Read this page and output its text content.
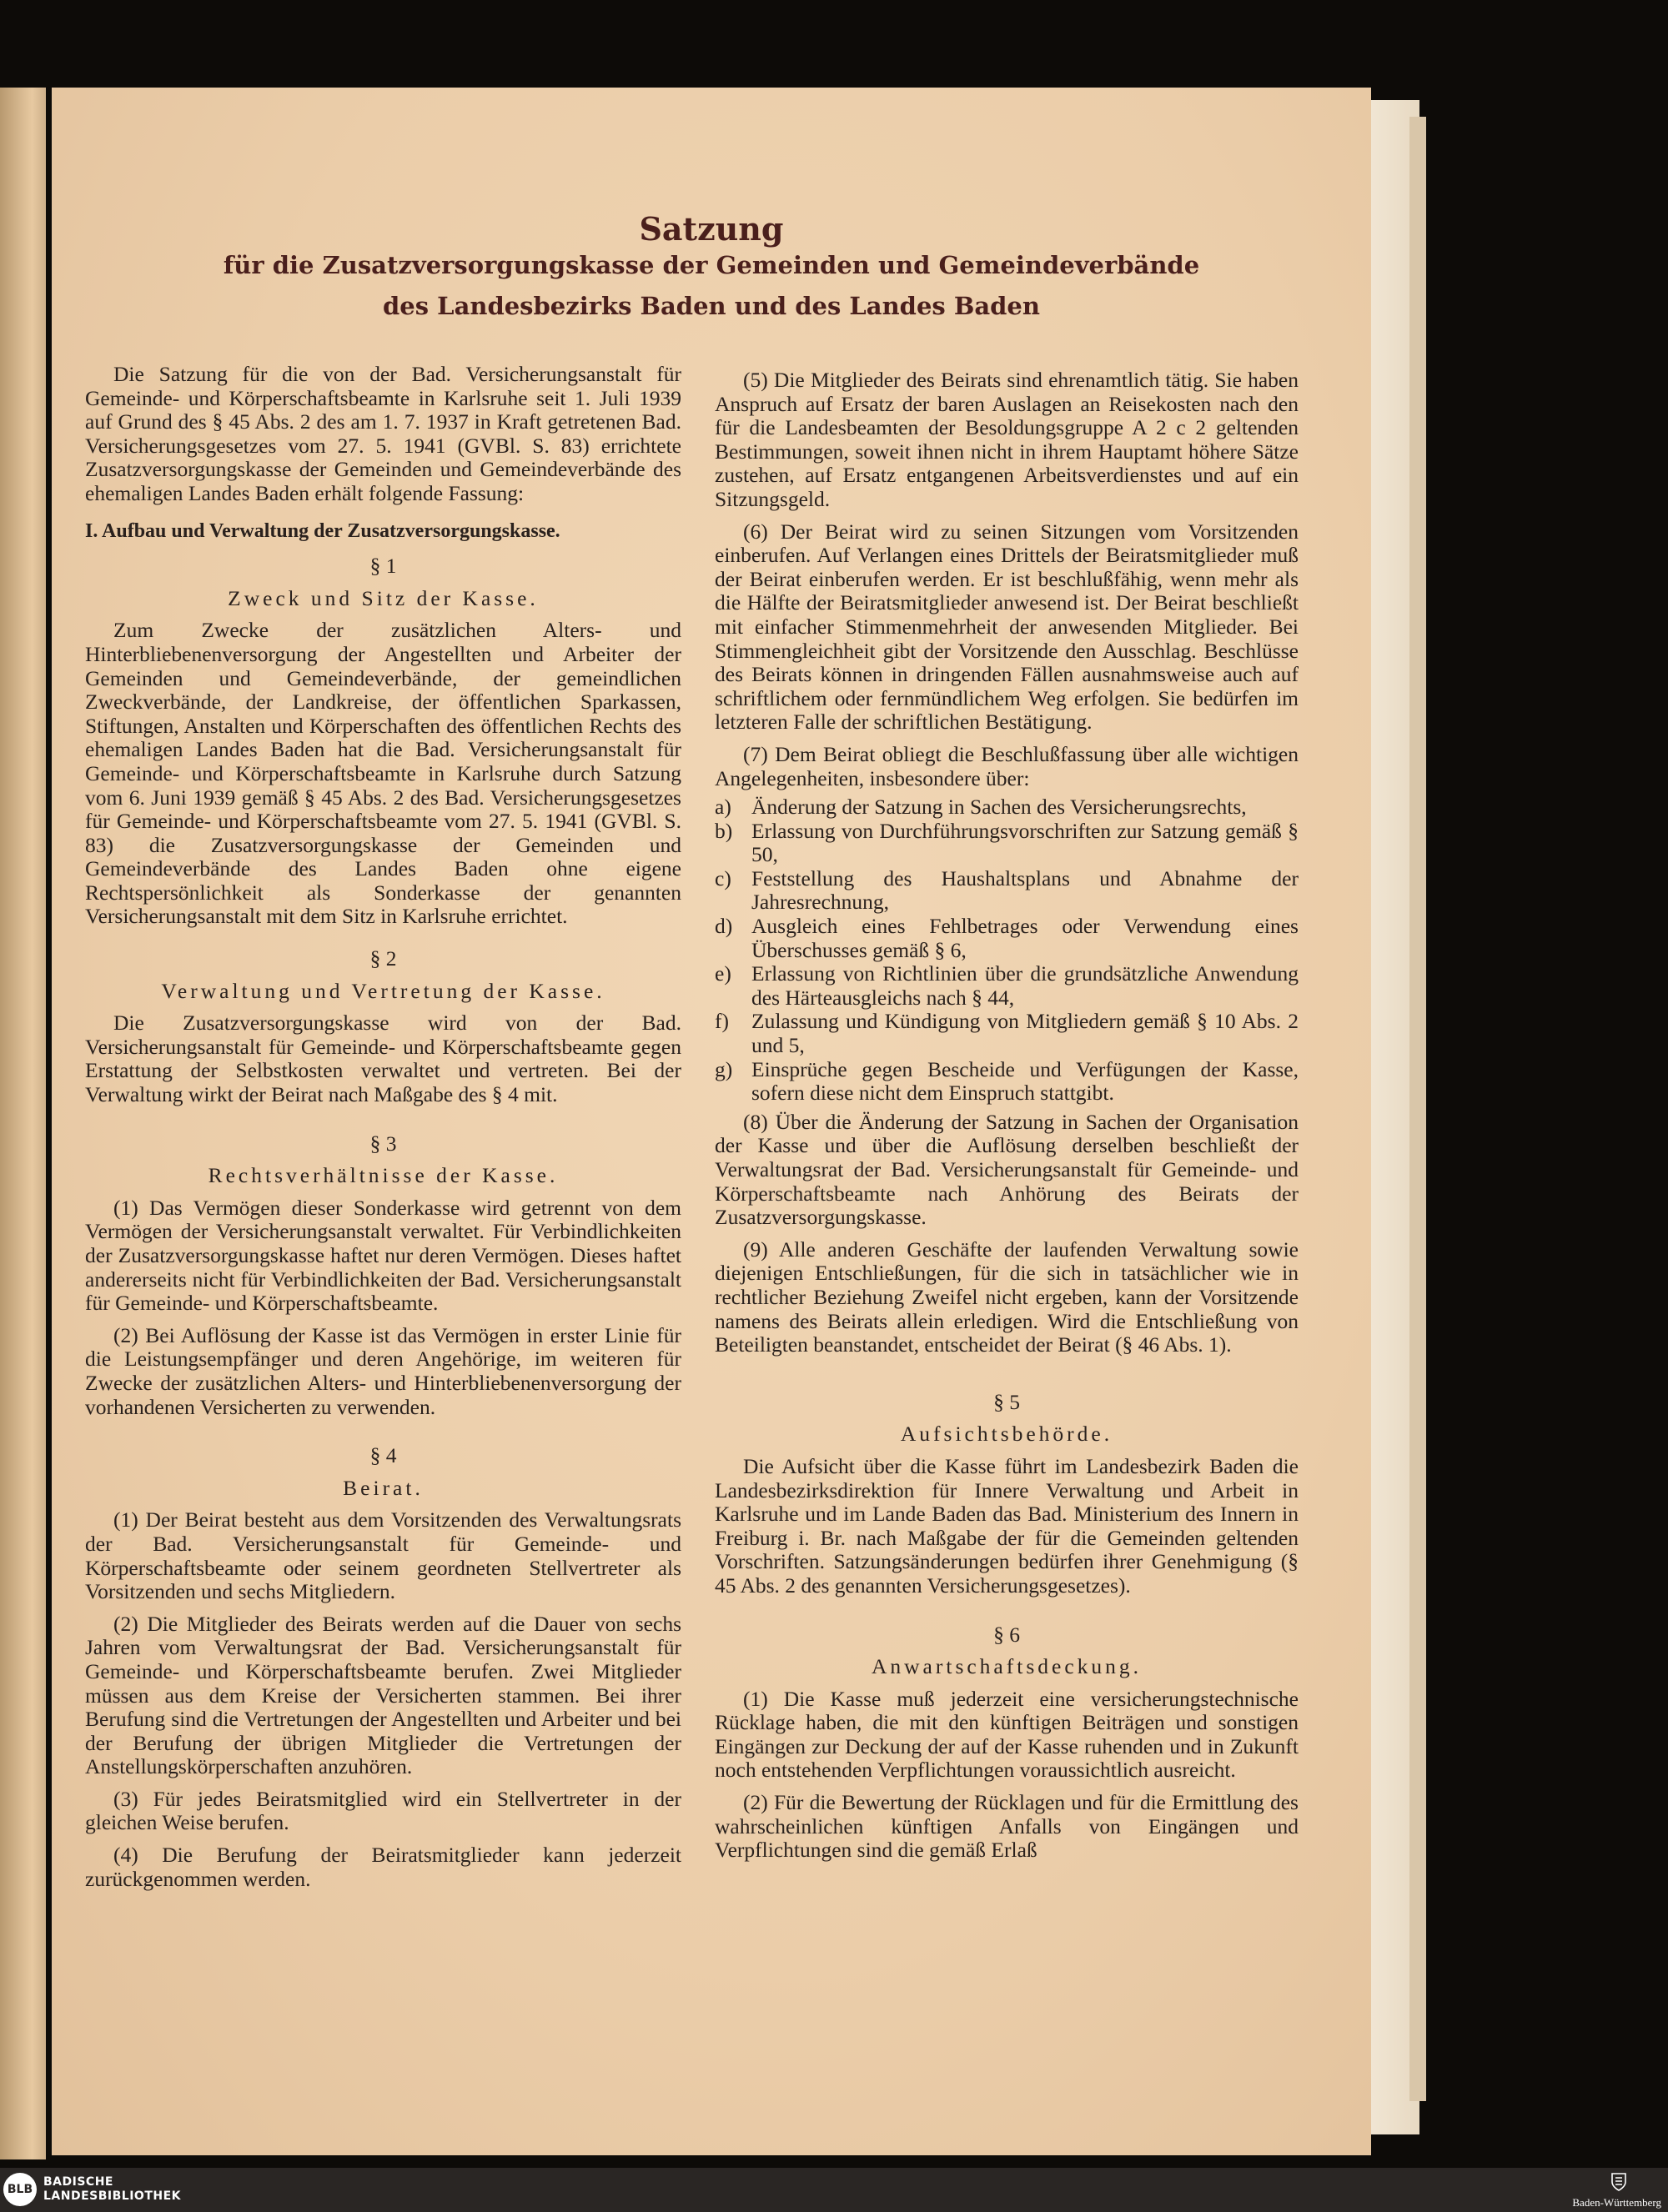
Satzung
für die Zusatzversorgungskasse der Gemeinden und Gemeindeverbände
des Landesbezirks Baden und des Landes Baden

Die Satzung für die von der Bad. Versicherungsanstalt für Gemeinde- und Körperschaftsbeamte in Karlsruhe seit 1. Juli 1939 auf Grund des § 45 Abs. 2 des am 1. 7. 1937 in Kraft getretenen Bad. Versicherungsgesetzes vom 27. 5. 1941 (GVBl. S. 83) errichtete Zusatzversorgungskasse der Gemeinden und Gemeindeverbände des ehemaligen Landes Baden erhält folgende Fassung:

I. Aufbau und Verwaltung der Zusatzversorgungskasse.
§ 1
Zweck und Sitz der Kasse.

Zum Zwecke der zusätzlichen Alters- und Hinterbliebenenversorgung der Angestellten und Arbeiter der Gemeinden und Gemeindeverbände, der gemeindlichen Zweckverbände, der Landkreise, der öffentlichen Sparkassen, Stiftungen, Anstalten und Körperschaften des öffentlichen Rechts des ehemaligen Landes Baden hat die Bad. Versicherungsanstalt für Gemeinde- und Körperschaftsbeamte in Karlsruhe durch Satzung vom 6. Juni 1939 gemäß § 45 Abs. 2 des Bad. Versicherungsgesetzes für Gemeinde- und Körperschaftsbeamte vom 27. 5. 1941 (GVBl. S. 83) die Zusatzversorgungskasse der Gemeinden und Gemeindeverbände des Landes Baden ohne eigene Rechtspersönlichkeit als Sonderkasse der genannten Versicherungsanstalt mit dem Sitz in Karlsruhe errichtet.

§ 2
Verwaltung und Vertretung der Kasse.

Die Zusatzversorgungskasse wird von der Bad. Versicherungsanstalt für Gemeinde- und Körperschaftsbeamte gegen Erstattung der Selbstkosten verwaltet und vertreten. Bei der Verwaltung wirkt der Beirat nach Maßgabe des § 4 mit.

§ 3
Rechtsverhältnisse der Kasse.

(1) Das Vermögen dieser Sonderkasse wird getrennt von dem Vermögen der Versicherungsanstalt verwaltet. Für Verbindlichkeiten der Zusatzversorgungskasse haftet nur deren Vermögen. Dieses haftet andererseits nicht für Verbindlichkeiten der Bad. Versicherungsanstalt für Gemeinde- und Körperschaftsbeamte.

(2) Bei Auflösung der Kasse ist das Vermögen in erster Linie für die Leistungsempfänger und deren Angehörige, im weiteren für Zwecke der zusätzlichen Alters- und Hinterbliebenenversorgung der vorhandenen Versicherten zu verwenden.

§ 4
Beirat.

(1) Der Beirat besteht aus dem Vorsitzenden des Verwaltungsrats der Bad. Versicherungsanstalt für Gemeinde- und Körperschaftsbeamte oder seinem geordneten Stellvertreter als Vorsitzenden und sechs Mitgliedern.

(2) Die Mitglieder des Beirats werden auf die Dauer von sechs Jahren vom Verwaltungsrat der Bad. Versicherungsanstalt für Gemeinde- und Körperschaftsbeamte berufen. Zwei Mitglieder müssen aus dem Kreise der Versicherten stammen. Bei ihrer Berufung sind die Vertretungen der Angestellten und Arbeiter und bei der Berufung der übrigen Mitglieder die Vertretungen der Anstellungskörperschaften anzuhören.

(3) Für jedes Beiratsmitglied wird ein Stellvertreter in der gleichen Weise berufen.

(4) Die Berufung der Beiratsmitglieder kann jederzeit zurückgenommen werden.

(5) Die Mitglieder des Beirats sind ehrenamtlich tätig. Sie haben Anspruch auf Ersatz der baren Auslagen an Reisekosten nach den für die Landesbeamten der Besoldungsgruppe A 2 c 2 geltenden Bestimmungen, soweit ihnen nicht in ihrem Hauptamt höhere Sätze zustehen, auf Ersatz entgangenen Arbeitsverdienstes und auf ein Sitzungsgeld.

(6) Der Beirat wird zu seinen Sitzungen vom Vorsitzenden einberufen. Auf Verlangen eines Drittels der Beiratsmitglieder muß der Beirat einberufen werden. Er ist beschlußfähig, wenn mehr als die Hälfte der Beiratsmitglieder anwesend ist. Der Beirat beschließt mit einfacher Stimmenmehrheit der anwesenden Mitglieder. Bei Stimmengleichheit gibt der Vorsitzende den Ausschlag. Beschlüsse des Beirats können in dringenden Fällen ausnahmsweise auch auf schriftlichem oder fernmündlichem Weg erfolgen. Sie bedürfen im letzteren Falle der schriftlichen Bestätigung.

(7) Dem Beirat obliegt die Beschlußfassung über alle wichtigen Angelegenheiten, insbesondere über:

a) Änderung der Satzung in Sachen des Versicherungsrechts,
b) Erlassung von Durchführungsvorschriften zur Satzung gemäß § 50,
c) Feststellung des Haushaltsplans und Abnahme der Jahresrechnung,
d) Ausgleich eines Fehlbetrages oder Verwendung eines Überschusses gemäß § 6,
e) Erlassung von Richtlinien über die grundsätzliche Anwendung des Härteausgleichs nach § 44,
f)	Zulassung und Kündigung von Mitgliedern gemäß § 10 Abs. 2 und 5,
g) Einsprüche gegen Bescheide und Verfügungen der Kasse, sofern diese nicht dem Einspruch stattgibt.

(8) Über die Änderung der Satzung in Sachen der Organisation der Kasse und über die Auflösung derselben beschließt der Verwaltungsrat der Bad. Versicherungsanstalt für Gemeinde- und Körperschaftsbeamte nach Anhörung des Beirats der Zusatzversorgungskasse.

(9) Alle anderen Geschäfte der laufenden Verwaltung sowie diejenigen Entschließungen, für die sich in tatsächlicher wie in rechtlicher Beziehung Zweifel nicht ergeben, kann der Vorsitzende namens des Beirats allein erledigen. Wird die Entschließung von Beteiligten beanstandet, entscheidet der Beirat (§ 46 Abs. 1).

§ 5
Aufsichtsbehörde.

Die Aufsicht über die Kasse führt im Landesbezirk Baden die Landesbezirksdirektion für Innere Verwaltung und Arbeit in Karlsruhe und im Lande Baden das Bad. Ministerium des Innern in Freiburg i. Br. nach Maßgabe der für die Gemeinden geltenden Vorschriften. Satzungsänderungen bedürfen ihrer Genehmigung (§ 45 Abs. 2 des genannten Versicherungsgesetzes).

§ 6
Anwartschaftsdeckung.

(1) Die Kasse muß jederzeit eine versicherungstechnische Rücklage haben, die mit den künftigen Beiträgen und sonstigen Eingängen zur Deckung der auf der Kasse ruhenden und in Zukunft noch entstehenden Verpflichtungen voraussichtlich ausreicht.

(2) Für die Bewertung der Rücklagen und für die Ermittlung des wahrscheinlichen künftigen Anfalls von Eingängen und Verpflichtungen sind die gemäß Erlaß

BLB
BADISCHE
LANDESBIBLIOTHEK	Baden-Württemberg
